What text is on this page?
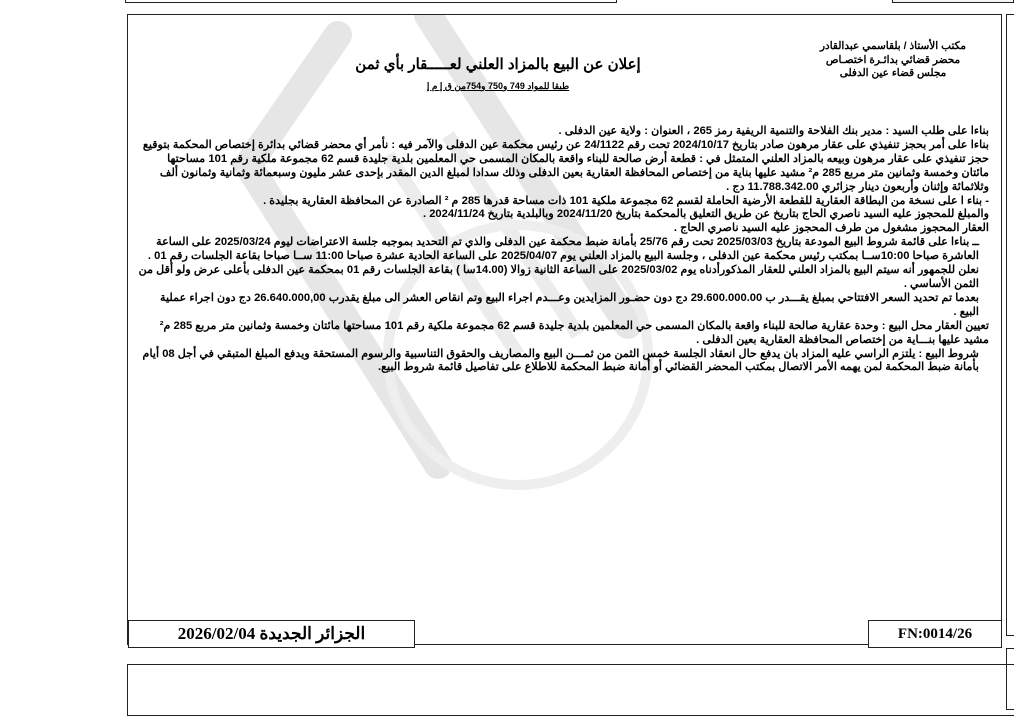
مكتب الأستاذ / بلقاسمي عبدالقادر
محضر قضائي بدائـرة اختصـاص
مجلس قضاء عين الدفلى
إعلان عن البيع بالمزاد العلني لعـــــقار بأي ثمن
طبقا للمواد 749 و750 و754من ق إ م إ

بناءا على طلب السيد : مدير بنك الفلاحة والتنمية الريفية رمز 265 ، العنوان : ولاية عين الدفلى .

بناءا على أمر بحجز تنفيذي على عقار مرهون صادر بتاريخ 2024/10/17 تحت رقم 24/1122 عن رئيس محكمة عين الدفلى والآمر فيه : نأمر أي محضر قضائي بدائرة إختصاص المحكمة بتوقيع حجز تنفيذي على عقار مرهون وبيعه بالمزاد العلني المتمثل في : قطعة أرض صالحة للبناء واقعة بالمكان المسمى حي المعلمين بلدية جليدة قسم 62 مجموعة ملكية رقم 101 مساحتها مائتان وخمسة وثمانين متر مربع 285 م² مشيد عليها بناية من إختصاص المحافظة العقارية بعين الدفلى وذلك سدادا لمبلغ الدين المقدر بإحدى عشر مليون وسبعمائة وثمانية وثمانون ألف وثلاثمائة وإثنان وأربعون دينار جزائري 11.788.342.00 دج .

- بناء ا على نسخة من البطاقة العقارية للقطعة الأرضية الحاملة لقسم 62 مجموعة ملكية 101 ذات مساحة قدرها 285 م ² الصادرة عن المحافظة العقارية بجليدة .

والمبلغ للمحجوز عليه السيد ناصري الحاج بتاريخ عن طريق التعليق بالمحكمة بتاريخ 2024/11/20 وبالبلدية بتاريخ 2024/11/24 .

العقار المحجوز مشغول من طرف المحجوز عليه السيد ناصري الحاج .

ــ بناءا على قائمة شروط البيع المودعة بتاريخ 2025/03/03 تحت رقم 25/76 بأمانة ضبط محكمة عين الدفلى والذي تم التحديد بموجبه جلسة الاعتراضات ليوم 2025/03/24 على الساعة العاشرة صباحا 10:00ســا بمكتب رئيس محكمة عين الدفلى ، وجلسة البيع بالمزاد العلني يوم 2025/04/07 على الساعة الحادية عشرة صباحا 11:00 ســا صباحا بقاعة الجلسات رقم 01 .

نعلن للجمهور أنه سيتم البيع بالمزاد العلني للعقار المذكورأدناه يوم 2025/03/02 على الساعة الثانية زوالا (14.00سا ) بقاعة الجلسات رقم 01 بمحكمة عين الدفلى بأعلى عرض ولو أقل من الثمن الأساسي .

بعدما تم تحديد السعر الافتتاحي بمبلغ يقـــدر ب 29.600.000.00 دج دون حضـور المزايدين وعـــدم اجراء البيع وتم انقاص العشر الى مبلغ يقدرب 26.640.000,00 دج دون اجراء عملية البيع .

تعيين العقار محل البيع : وحدة عقارية صالحة للبناء واقعة بالمكان المسمى حي المعلمين بلدية جليدة قسم 62 مجموعة ملكية رقم 101 مساحتها مائتان وخمسة وثمانين متر مربع 285 م² مشيد عليها بنـــاية من إختصاص المحافظة العقارية بعين الدفلى .

شروط البيع : يلتزم الراسي عليه المزاد بان يدفع حال انعقاد الجلسة خمس الثمن من ثمـــن البيع والمصاريف والحقوق التناسبية والرسوم المستحقة ويدفع المبلغ المتبقي في أجل 08 أيام بأمانة ضبط المحكمة لمن يهمه الأمر الاتصال بمكتب المحضر القضائي أو أمانة ضبط المحكمة للاطلاع على تفاصيل قائمة شروط البيع.

الجزائر الجديدة 2026/02/04	FN:0014/26
